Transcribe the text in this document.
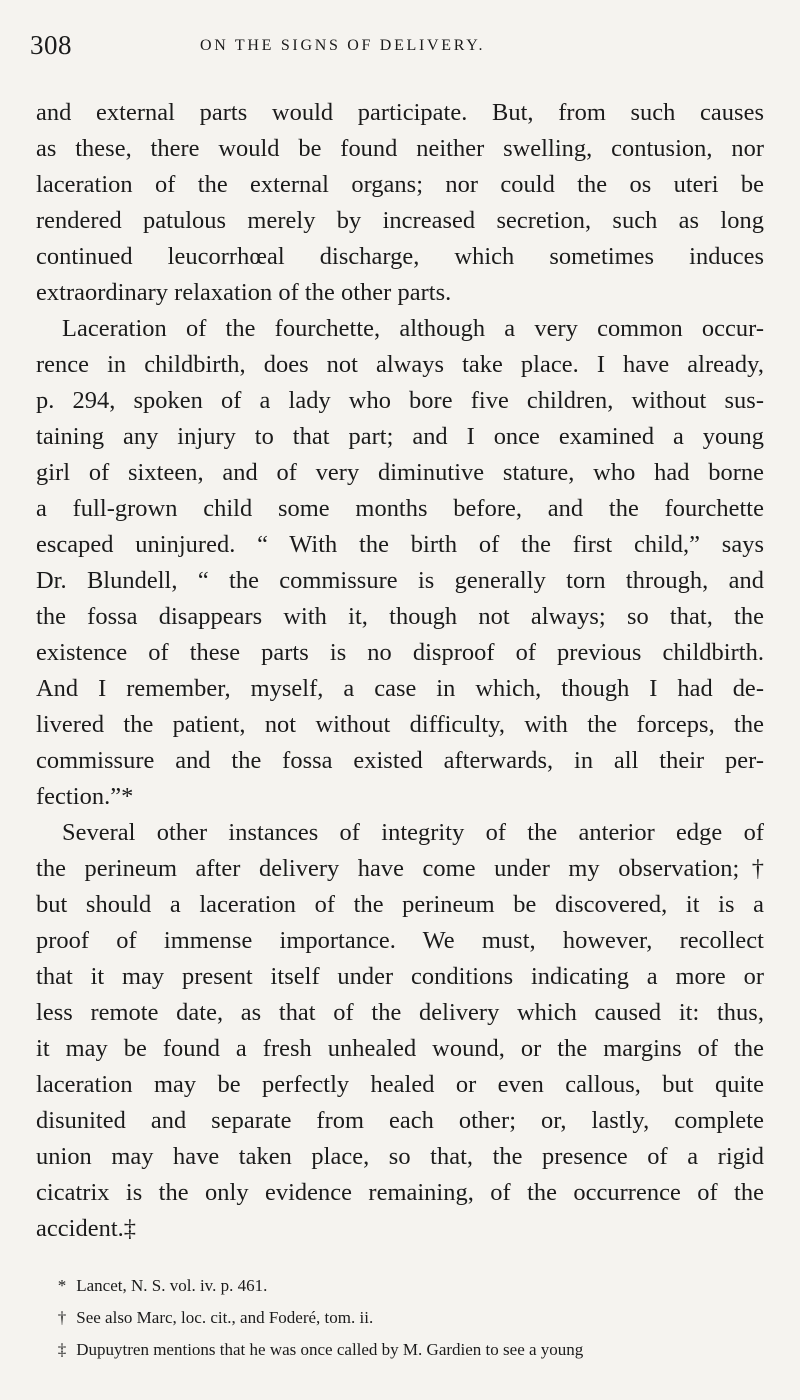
308	ON THE SIGNS OF DELIVERY.

and external parts would participate. But, from such causes
as these, there would be found neither swelling, contusion, nor
laceration of the external organs; nor could the os uteri be
rendered patulous merely by increased secretion, such as long
continued leucorrhœal discharge, which sometimes induces
extraordinary relaxation of the other parts.

Laceration of the fourchette, although a very common occur-
rence in childbirth, does not always take place. I have already,
p. 294, spoken of a lady who bore five children, without sus-
taining any injury to that part; and I once examined a young
girl of sixteen, and of very diminutive stature, who had borne
a full-grown child some months before, and the fourchette
escaped uninjured. “ With the birth of the first child,” says
Dr. Blundell, “ the commissure is generally torn through, and
the fossa disappears with it, though not always; so that, the
existence of these parts is no disproof of previous childbirth.
And I remember, myself, a case in which, though I had de-
livered the patient, not without difficulty, with the forceps, the
commissure and the fossa existed afterwards, in all their per-
fection.”*

Several other instances of integrity of the anterior edge of
the perineum after delivery have come under my observation;†
but should a laceration of the perineum be discovered, it is a
proof of immense importance. We must, however, recollect
that it may present itself under conditions indicating a more or
less remote date, as that of the delivery which caused it: thus,
it may be found a fresh unhealed wound, or the margins of the
laceration may be perfectly healed or even callous, but quite
disunited and separate from each other; or, lastly, complete
union may have taken place, so that, the presence of a rigid
cicatrix is the only evidence remaining, of the occurrence of the
accident.‡

* Lancet, N. S. vol. iv. p. 461.
† See also Marc, loc. cit., and Foderé, tom. ii.
‡ Dupuytren mentions that he was once called by M. Gardien to see a young
